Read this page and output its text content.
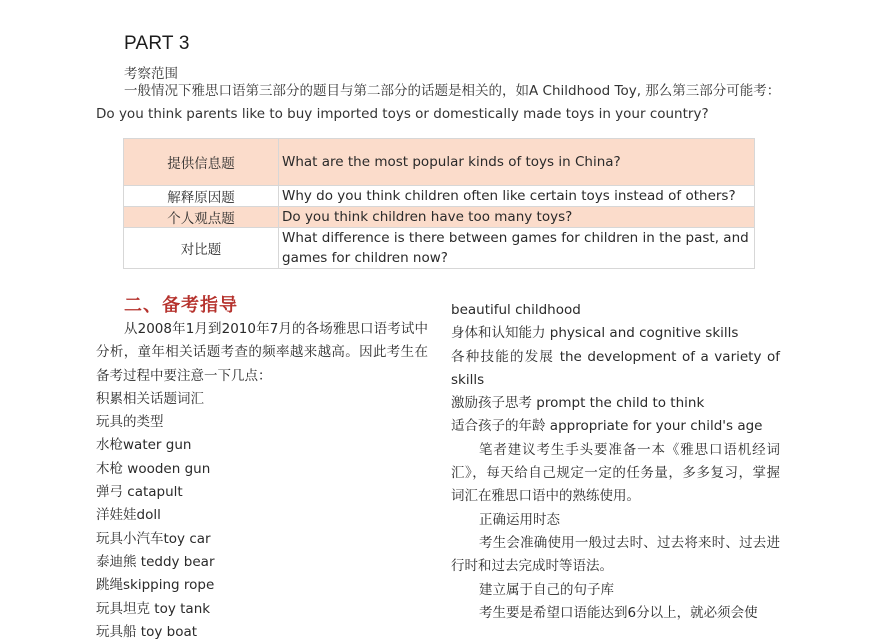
PART 3
考察范围

一般情况下雅思口语第三部分的题目与第二部分的话题是相关的，如A Childhood Toy, 那么第三部分可能考：Do you think parents like to buy imported toys or domestically made toys in your country?

提供信息题	What are the most popular kinds of toys in China?
解释原因题	Why do you think children often like certain toys instead of others?
个人观点题	Do you think children have too many toys?
对比题	What difference is there between games for children in the past, and games for children now?
二、备考指导

从2008年1月到2010年7月的各场雅思口语考试中分析，童年相关话题考查的频率越来越高。因此考生在备考过程中要注意一下几点：

积累相关话题词汇

玩具的类型

水枪water gun

木枪 wooden gun

弹弓 catapult

洋娃娃doll

玩具小汽车toy car

泰迪熊 teddy bear

跳绳skipping rope

玩具坦克 toy tank

玩具船 toy boat

beautiful childhood

身体和认知能力 physical and cognitive skills

各种技能的发展 the development of a variety of skills

激励孩子思考 prompt the child to think

适合孩子的年龄 appropriate for your child's age

笔者建议考生手头要准备一本《雅思口语机经词汇》，每天给自己规定一定的任务量，多多复习，掌握词汇在雅思口语中的熟练使用。

正确运用时态

考生会准确使用一般过去时、过去将来时、过去进行时和过去完成时等语法。

建立属于自己的句子库

考生要是希望口语能达到6分以上，就必须会使
